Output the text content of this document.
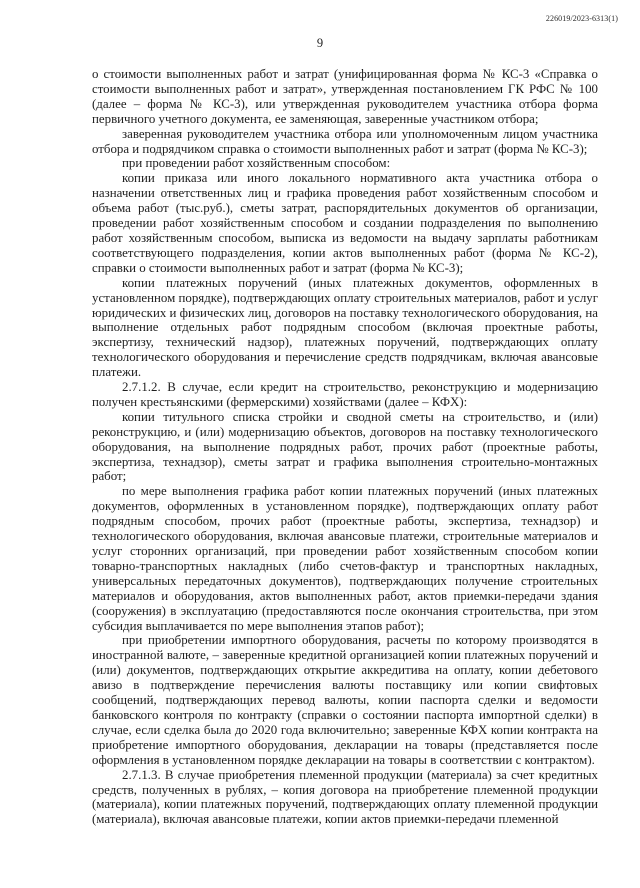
226019/2023-6313(1)
9

о стоимости выполненных работ и затрат (унифицированная форма № КС-3 «Справка о стоимости выполненных работ и затрат», утвержденная постановлением ГК РФС № 100 (далее – форма № КС-3), или утвержденная руководителем участника отбора форма первичного учетного документа, ее заменяющая, заверенные участником отбора;

заверенная руководителем участника отбора или уполномоченным лицом участника отбора и подрядчиком справка о стоимости выполненных работ и затрат (форма № КС-3);

при проведении работ хозяйственным способом:

копии приказа или иного локального нормативного акта участника отбора о назначении ответственных лиц и графика проведения работ хозяйственным способом и объема работ (тыс.руб.), сметы затрат, распорядительных документов об организации, проведении работ хозяйственным способом и создании подразделения по выполнению работ хозяйственным способом, выписка из ведомости на выдачу зарплаты работникам соответствующего подразделения, копии актов выполненных работ (форма № КС-2), справки о стоимости выполненных работ и затрат (форма № КС-3);

копии платежных поручений (иных платежных документов, оформленных в установленном порядке), подтверждающих оплату строительных материалов, работ и услуг юридических и физических лиц, договоров на поставку технологического оборудования, на выполнение отдельных работ подрядным способом (включая проектные работы, экспертизу, технический надзор), платежных поручений, подтверждающих оплату технологического оборудования и перечисление средств подрядчикам, включая авансовые платежи.

2.7.1.2. В случае, если кредит на строительство, реконструкцию и модернизацию получен крестьянскими (фермерскими) хозяйствами (далее – КФХ):

копии титульного списка стройки и сводной сметы на строительство, и (или) реконструкцию, и (или) модернизацию объектов, договоров на поставку технологического оборудования, на выполнение подрядных работ, прочих работ (проектные работы, экспертиза, технадзор), сметы затрат и графика выполнения строительно-монтажных работ;

по мере выполнения графика работ копии платежных поручений (иных платежных документов, оформленных в установленном порядке), подтверждающих оплату работ подрядным способом, прочих работ (проектные работы, экспертиза, технадзор) и технологического оборудования, включая авансовые платежи, строительные материалов и услуг сторонних организаций, при проведении работ хозяйственным способом копии товарно-транспортных накладных (либо счетов-фактур и транспортных накладных, универсальных передаточных документов), подтверждающих получение строительных материалов и оборудования, актов выполненных работ, актов приемки-передачи здания (сооружения) в эксплуатацию (предоставляются после окончания строительства, при этом субсидия выплачивается по мере выполнения этапов работ);

при приобретении импортного оборудования, расчеты по которому производятся в иностранной валюте, – заверенные кредитной организацией копии платежных поручений и (или) документов, подтверждающих открытие аккредитива на оплату, копии дебетового авизо в подтверждение перечисления валюты поставщику или копии свифтовых сообщений, подтверждающих перевод валюты, копии паспорта сделки и ведомости банковского контроля по контракту (справки о состоянии паспорта импортной сделки) в случае, если сделка была до 2020 года включительно; заверенные КФХ копии контракта на приобретение импортного оборудования, декларации на товары (представляется после оформления в установленном порядке декларации на товары в соответствии с контрактом).

2.7.1.3. В случае приобретения племенной продукции (материала) за счет кредитных средств, полученных в рублях, – копия договора на приобретение племенной продукции (материала), копии платежных поручений, подтверждающих оплату племенной продукции (материала), включая авансовые платежи, копии актов приемки-передачи племенной
